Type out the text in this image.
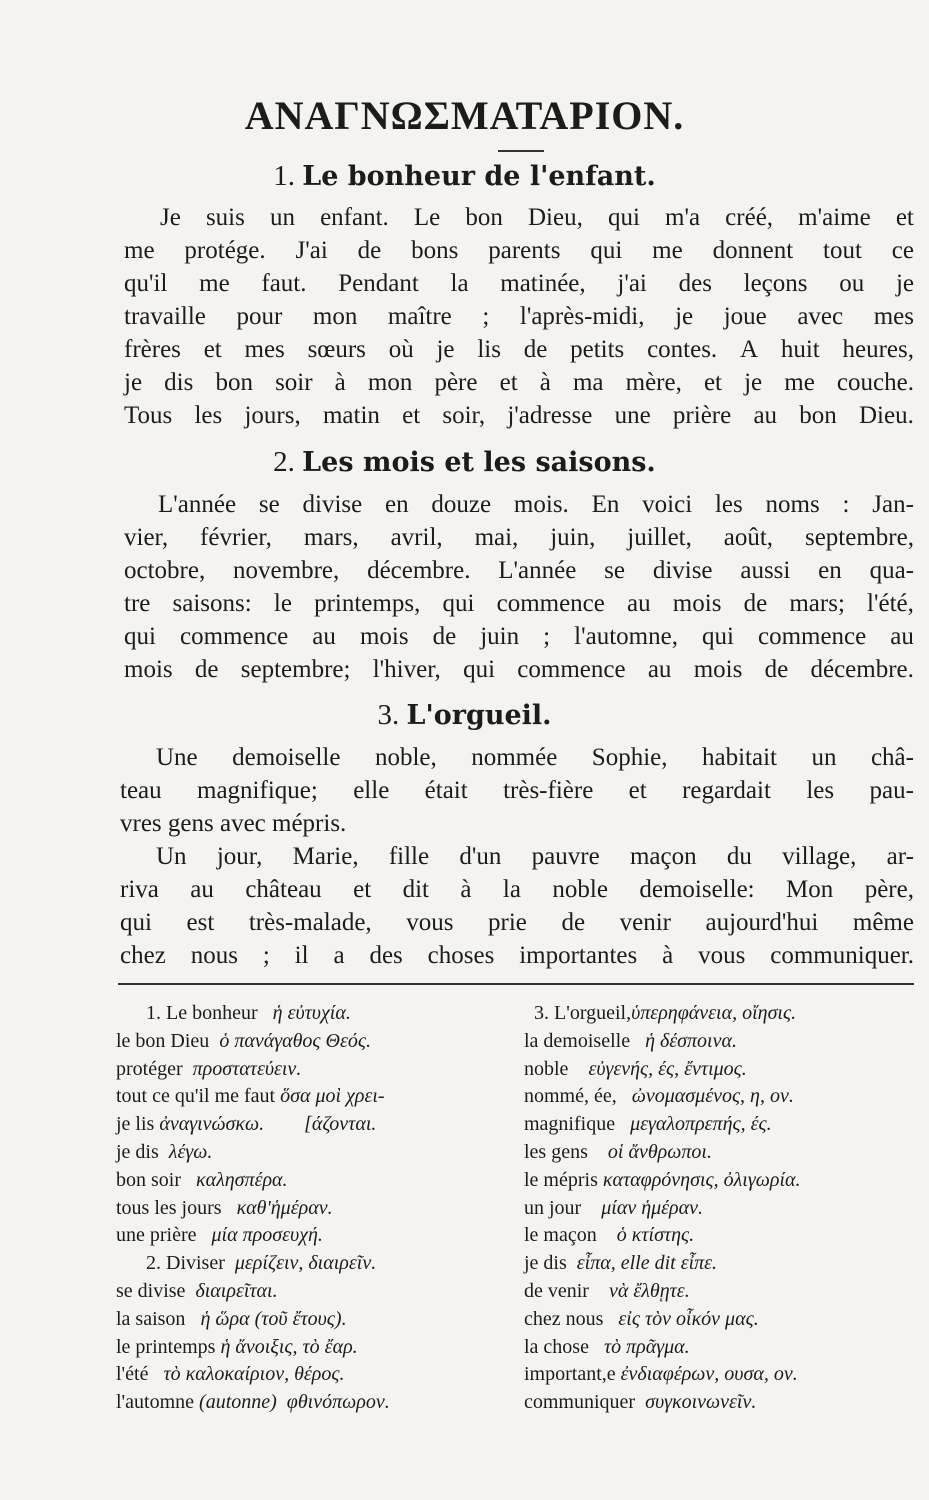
ΑΝΑΓΝΩΣΜΑΤΑΡΙΟΝ.
1. Le bonheur de l'enfant.
Je suis un enfant. Le bon Dieu, qui m'a créé, m'aime et
me protége. J'ai de bons parents qui me donnent tout ce
qu'il me faut. Pendant la matinée, j'ai des leçons ou je
travaille pour mon maître ; l'après-midi, je joue avec mes
frères et mes sœurs où je lis de petits contes. A huit heures,
je dis bon soir à mon père et à ma mère, et je me couche.
Tous les jours, matin et soir, j'adresse une prière au bon Dieu.
2. Les mois et les saisons.
L'année se divise en douze mois. En voici les noms : Jan-
vier, février, mars, avril, mai, juin, juillet, août, septembre,
octobre, novembre, décembre. L'année se divise aussi en qua-
tre saisons: le printemps, qui commence au mois de mars; l'été,
qui commence au mois de juin ; l'automne, qui commence au
mois de septembre; l'hiver, qui commence au mois de décembre.
3. L'orgueil.
Une demoiselle noble, nommée Sophie, habitait un châ-
teau magnifique; elle était très-fière et regardait les pau-
vres gens avec mépris.
Un jour, Marie, fille d'un pauvre maçon du village, ar-
riva au château et dit à la noble demoiselle: Mon père,
qui est très-malade, vous prie de venir aujourd'hui même
chez nous ; il a des choses importantes à vous communiquer.
1. Le bonheur ἡ εὐτυχία.
le bon Dieu ὁ πανάγαθος Θεός.
protéger προστατεύειν.
tout ce qu'il me faut ὅσα μοὶ χρει-
je lis ἀναγινώσκω.        [άζονται.
je dis λέγω.
bon soir καλησπέρα.
tous les jours καθ'ἡμέραν.
une prière μία προσευχή.
2. Diviser μερίζειν, διαιρεῖν.
se divise διαιρεῖται.
la saison ἡ ὥρα (τοῦ ἔτους).
le printemps ἡ ἄνοιξις, τὸ ἔαρ.
l'été τὸ καλοκαίριον, θέρος.
l'automne (autonne) φθινόπωρον.
3. L'orgueil,ὑπερηφάνεια, οἴησις.
la demoiselle ἡ δέσποινα.
noble εὐγενής, ές, ἔντιμος.
nommé, ée, ὠνομασμένος, η, ον.
magnifique μεγαλοπρεπής, ές.
les gens οἱ ἄνθρωποι.
le mépris καταφρόνησις, ὀλιγωρία.
un jour μίαν ἡμέραν.
le maçon ὁ κτίστης.
je dis εἶπα, elle dit εἶπε.
de venir νὰ ἔλθῃτε.
chez nous εἰς τὸν οἶκόν μας.
la chose τὸ πρᾶγμα.
important,e ἐνδιαφέρων, ουσα, ον.
communiquer συγκοινωνεῖν.
